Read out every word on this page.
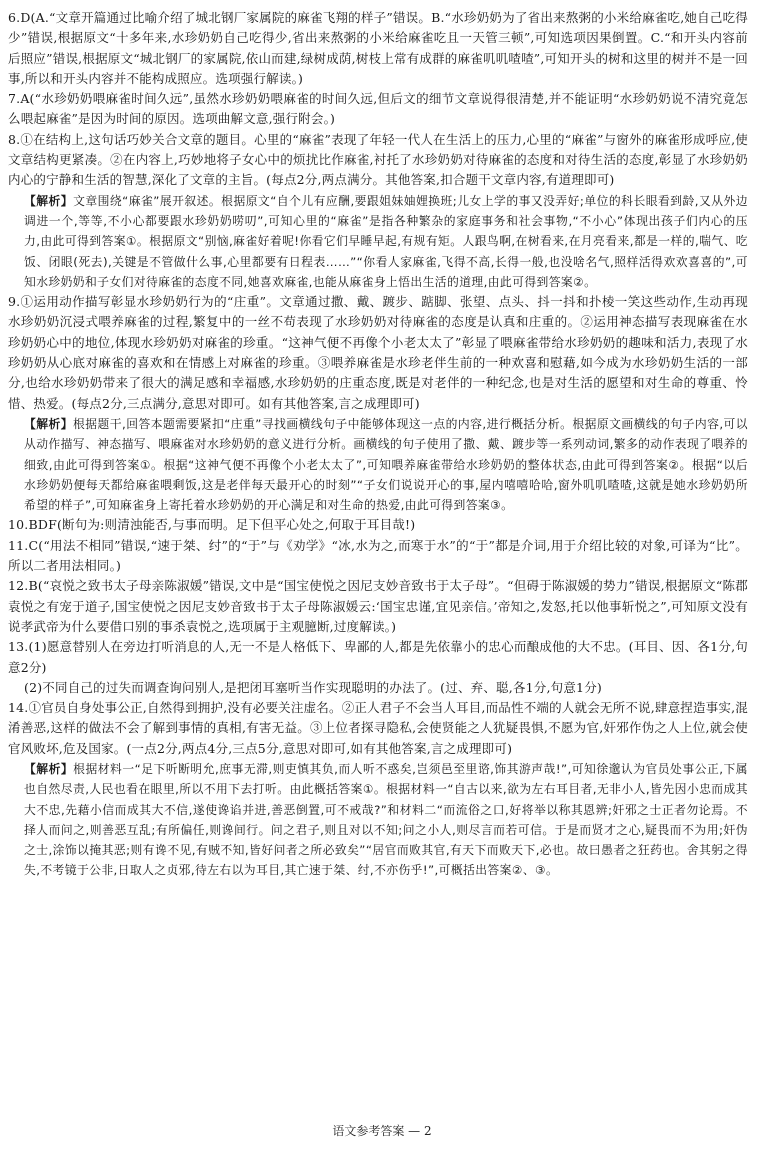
6.D(A.“文章开篇通过比喻介绍了城北钢厂家属院的麻雀飞翔的样子”错误。B.“水珍奶奶为了省出来熬粥的小米给麻雀吃,她自己吃得少”错误,根据原文“十多年来,水珍奶奶自己吃得少,省出来熬粥的小米给麻雀吃且一天管三顿”,可知选项因果倒置。C.“和开头内容前后照应”错误,根据原文“城北钢厂的家属院,依山而建,绿树成荫,树枝上常有成群的麻雀叽叽喳喳”,可知开头的树和这里的树并不是一回事,所以和开头内容并不能构成照应。选项强行解读。)

7.A(“水珍奶奶喂麻雀时间久远”,虽然水珍奶奶喂麻雀的时间久远,但后文的细节文章说得很清楚,并不能证明“水珍奶奶说不清究竟怎么喂起麻雀”是因为时间的原因。选项曲解文意,强行附会。)

8.①在结构上,这句话巧妙关合文章的题目。心里的“麻雀”表现了年轻一代人在生活上的压力,心里的“麻雀”与窗外的麻雀形成呼应,使文章结构更紧凑。②在内容上,巧妙地将子女心中的烦扰比作麻雀,衬托了水珍奶奶对待麻雀的态度和对待生活的态度,彰显了水珍奶奶内心的宁静和生活的智慧,深化了文章的主旨。(每点2分,两点满分。其他答案,扣合题干文章内容,有道理即可)

【解析】文章围绕“麻雀”展开叙述。根据原文“自个儿有应酬,要跟姐妹妯娌换班;儿女上学的事又没弄好;单位的科长眼看到龄,又从外边调进一个,等等,不小心都要跟水珍奶奶唠叨”,可知心里的“麻雀”是指各种繁杂的家庭事务和社会事物,“不小心”体现出孩子们内心的压力,由此可得到答案①。根据原文“别恼,麻雀好着呢!你看它们早睡早起,有规有矩。人跟鸟啊,在树看来,在月亮看来,都是一样的,喘气、吃饭、闭眼(死去),关键是不管做什么事,心里都要有日程表……”“你看人家麻雀,飞得不高,长得一般,也没啥名气,照样活得欢欢喜喜的”,可知水珍奶奶和子女们对待麻雀的态度不同,她喜欢麻雀,也能从麻雀身上悟出生活的道理,由此可得到答案②。

9.①运用动作描写彰显水珍奶奶行为的“庄重”。文章通过撒、戴、踱步、踮脚、张望、点头、抖一抖和扑棱一笑这些动作,生动再现水珍奶奶沉浸式喂养麻雀的过程,繁复中的一丝不苟表现了水珍奶奶对待麻雀的态度是认真和庄重的。②运用神态描写表现麻雀在水珍奶奶心中的地位,体现水珍奶奶对麻雀的珍重。“这神气便不再像个小老太太了”彰显了喂麻雀带给水珍奶奶的趣味和活力,表现了水珍奶奶从心底对麻雀的喜欢和在情感上对麻雀的珍重。③喂养麻雀是水珍老伴生前的一种欢喜和慰藉,如今成为水珍奶奶生活的一部分,也给水珍奶奶带来了很大的满足感和幸福感,水珍奶奶的庄重态度,既是对老伴的一种纪念,也是对生活的愿望和对生命的尊重、怜惜、热爱。(每点2分,三点满分,意思对即可。如有其他答案,言之成理即可)

【解析】根据题干,回答本题需要紧扣“庄重”寻找画横线句子中能够体现这一点的内容,进行概括分析。根据原文画横线的句子内容,可以从动作描写、神态描写、喂麻雀对水珍奶奶的意义进行分析。画横线的句子使用了撒、戴、踱步等一系列动词,繁多的动作表现了喂养的细致,由此可得到答案①。根据“这神气便不再像个小老太太了”,可知喂养麻雀带给水珍奶奶的整体状态,由此可得到答案②。根据“以后水珍奶奶便每天都给麻雀喂剩饭,这是老伴每天最开心的时刻”“子女们说说开心的事,屋内嘻嘻哈哈,窗外叽叽喳喳,这就是她水珍奶奶所希望的样子”,可知麻雀身上寄托着水珍奶奶的开心满足和对生命的热爱,由此可得到答案③。

10.BDF(断句为:则清浊能否,与事而明。足下但平心处之,何取于耳目哉!)

11.C(“用法不相同”错误,“速于桀、纣”的“于”与《劝学》“冰,水为之,而寒于水”的“于”都是介词,用于介绍比较的对象,可译为“比”。所以二者用法相同。)

12.B(“哀悦之致书太子母亲陈淑媛”错误,文中是“国宝使悦之因尼支妙音致书于太子母”。“但碍于陈淑媛的势力”错误,根据原文“陈郡袁悦之有宠于道子,国宝使悦之因尼支妙音致书于太子母陈淑媛云:‘国宝忠谨,宜见亲信。’帝知之,发怒,托以他事斩悦之”,可知原文没有说孝武帝为什么要借口别的事杀袁悦之,选项属于主观臆断,过度解读。)

13.(1)愿意替别人在旁边打听消息的人,无一不是人格低下、卑鄙的人,都是先依靠小的忠心而酿成他的大不忠。(耳目、因、各1分,句意2分)

(2)不同自己的过失而调查询问别人,是把闭耳塞听当作实现聪明的办法了。(过、弃、聪,各1分,句意1分)

14.①官员自身处事公正,自然得到拥护,没有必要关注虚名。②正人君子不会当人耳目,而品性不端的人就会无所不说,肆意捏造事实,混淆善恶,这样的做法不会了解到事情的真相,有害无益。③上位者探寻隐私,会使贤能之人犹疑畏惧,不愿为官,奸邪作伪之人上位,就会使官风败坏,危及国家。(一点2分,两点4分,三点5分,意思对即可,如有其他答案,言之成理即可)

【解析】根据材料一“足下听断明允,庶事无滞,则吏慎其负,而人听不惑矣,岂须邑至里谘,饰其游声哉!”,可知徐邈认为官员处事公正,下属也自然尽责,人民也看在眼里,所以不用下去打听。由此概括答案①。根据材料一“自古以来,欲为左右耳目者,无非小人,皆先因小忠而成其大不忠,先藉小信而成其大不信,遂使谗谄并进,善恶倒置,可不戒哉?”和材料二“而流俗之口,好将举以称其恩辨;奸邪之士正者勿论焉。不择人而问之,则善恶互乱;有所偏任,则谗间行。问之君子,则且对以不知;问之小人,则尽言而若可信。于是而贤才之心,疑畏而不为用;奸伪之士,涂饰以掩其恶;则有谗不见,有贼不知,皆好问者之所必致矣”“居官而败其官,有天下而败天下,必也。故曰愚者之狂药也。舍其躬之得失,不考镜于公非,日取人之贞邪,待左右以为耳目,其亡速于桀、纣,不亦伤乎!”,可概括出答案②、③。

语文参考答案 — 2
